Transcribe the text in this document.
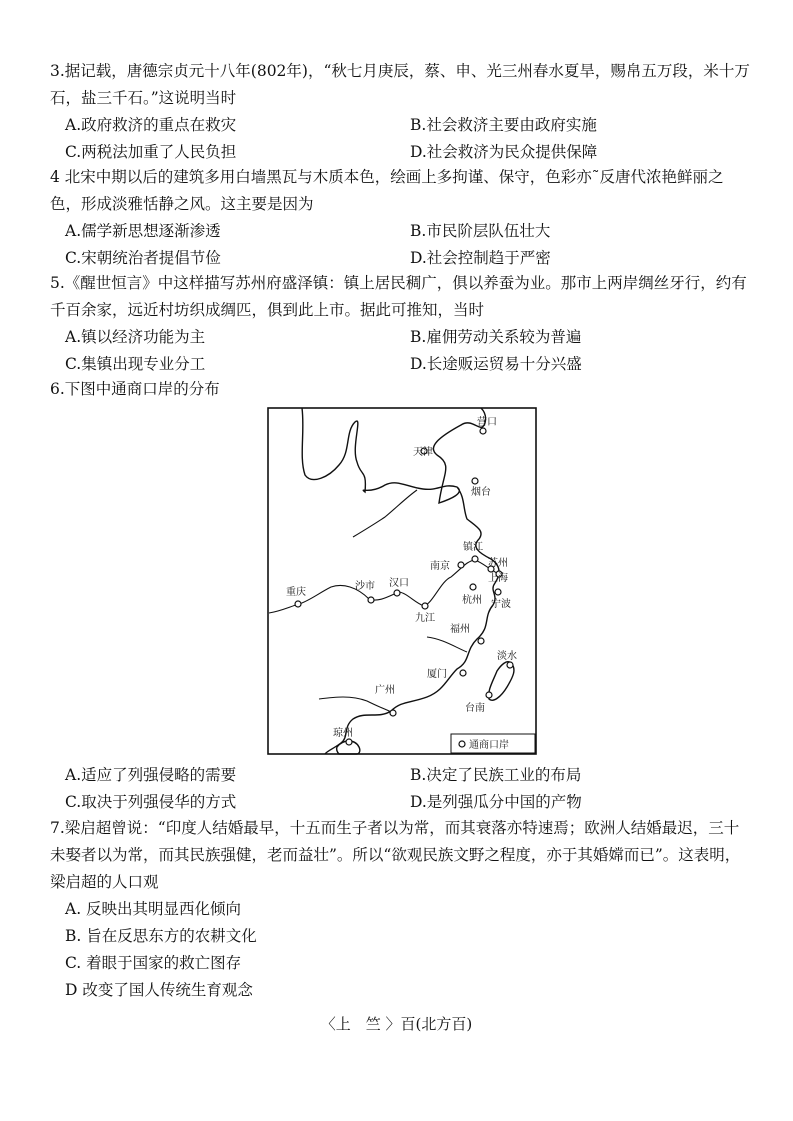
3.据记载，唐德宗贞元十八年(802年)，“秋七月庚辰，蔡、申、光三州春水夏旱，赐帛五万段，米十万石，盐三千石。”这说明当时

A.政府救济的重点在救灾	B.社会救济主要由政府实施
C.两税法加重了人民负担	D.社会救济为民众提供保障

4 北宋中期以后的建筑多用白墙黑瓦与木质本色，绘画上多拘谨、保守，色彩亦˜反唐代浓艳鲜丽之色，形成淡雅恬静之风。这主要是因为

A.儒学新思想逐渐渗透	B.市民阶层队伍壮大
C.宋朝统治者提倡节俭	D.社会控制趋于严密

5.《醒世恒言》中这样描写苏州府盛泽镇：镇上居民稠广，俱以养蚕为业。那市上两岸绸丝牙行，约有千百余家，远近村坊织成绸匹，俱到此上市。据此可推知，当时

A.镇以经济功能为主	B.雇佣劳动关系较为普遍
C.集镇出现专业分工	D.长途贩运贸易十分兴盛

6.下图中通商口岸的分布

营口
天津
烟台
镇江
南京	苏州
上海
重庆
沙市 汉口
杭州 宁波
九江
福州
淡水
厦门
广州
台南
琼州
通商口岸
A.适应了列强侵略的需要	B.决定了民族工业的布局
C.取决于列强侵华的方式	D.是列强瓜分中国的产物

7.梁启超曾说：“印度人结婚最早，十五而生子者以为常，而其衰落亦特速焉；欧洲人结婚最迟，三十未娶者以为常，而其民族强健，老而益壮”。所以“欲观民族文野之程度，亦于其婚嫦而已”。这表明，梁启超的人口观

A. 反映出其明显西化倾向
B. 旨在反思东方的农耕文化
C. 着眼于国家的救亡图存
D 改变了国人传统生育观念
〈上　竺 〉百(北方百)
